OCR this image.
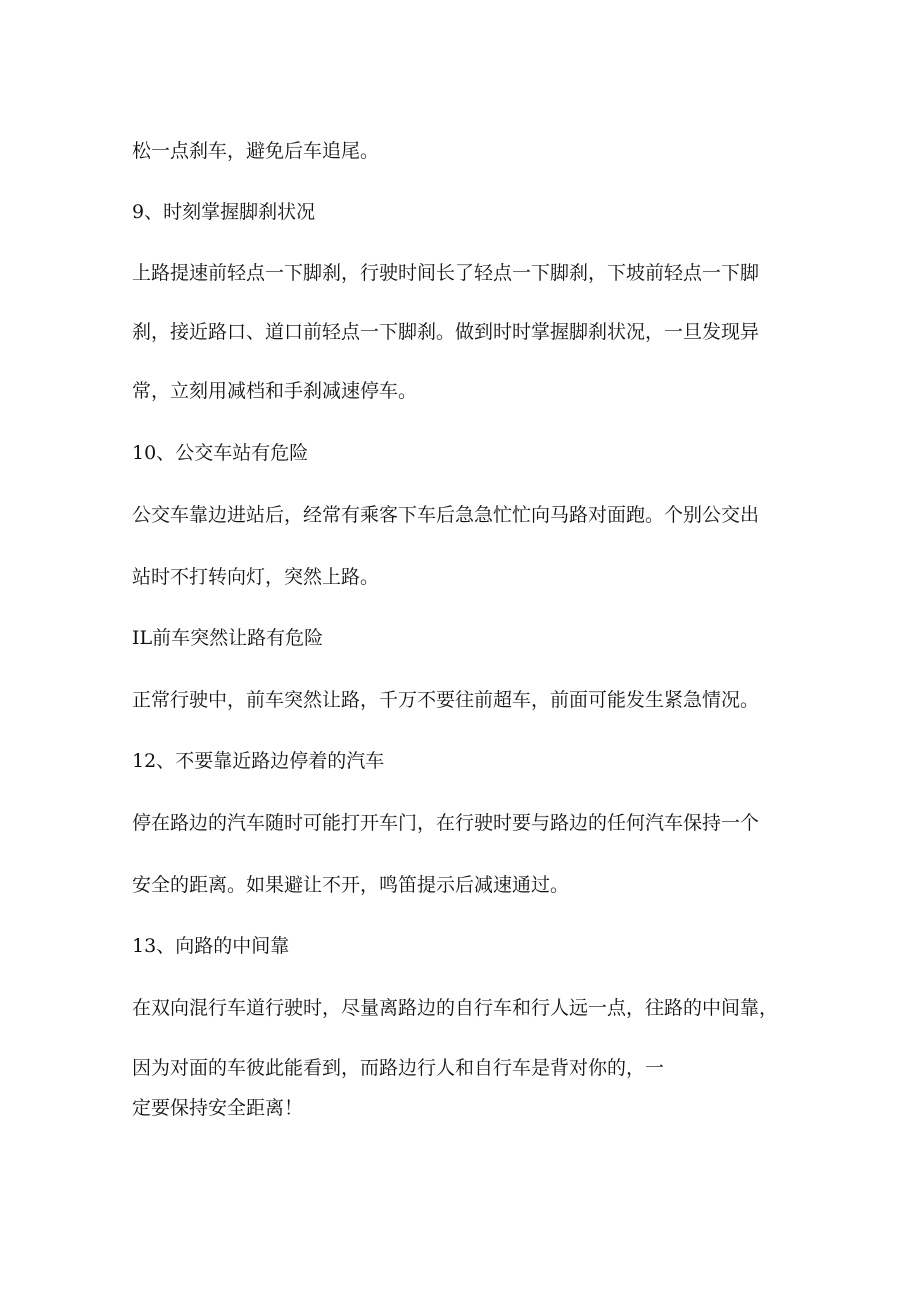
松一点刹车，避免后车追尾。
9、时刻掌握脚刹状况
上路提速前轻点一下脚刹，行驶时间长了轻点一下脚刹，下坡前轻点一下脚
刹，接近路口、道口前轻点一下脚刹。做到时时掌握脚刹状况，一旦发现异
常，立刻用减档和手刹减速停车。
10、公交车站有危险
公交车靠边进站后，经常有乘客下车后急急忙忙向马路对面跑。个别公交出
站时不打转向灯，突然上路。
IL前车突然让路有危险
正常行驶中，前车突然让路，千万不要往前超车，前面可能发生紧急情况。
12、不要靠近路边停着的汽车
停在路边的汽车随时可能打开车门，在行驶时要与路边的任何汽车保持一个
安全的距离。如果避让不开，鸣笛提示后减速通过。
13、向路的中间靠
在双向混行车道行驶时，尽量离路边的自行车和行人远一点，往路的中间靠，
因为对面的车彼此能看到，而路边行人和自行车是背对你的，一
定要保持安全距离！
